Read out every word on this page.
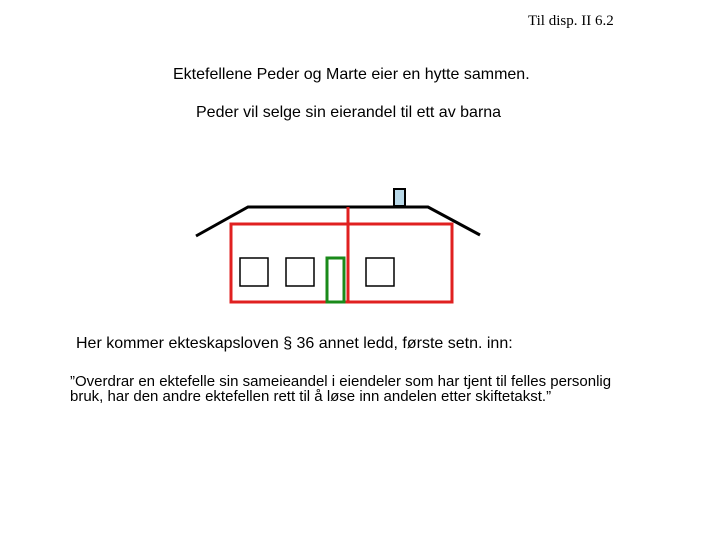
Til disp. II 6.2
Ektefellene Peder og Marte eier en hytte sammen.
Peder vil selge sin eierandel til ett av barna
Her kommer ekteskapsloven § 36 annet ledd, første setn. inn:
”Overdrar en ektefelle sin sameieandel i eiendeler som har tjent til felles personlig bruk, har den andre ektefellen rett til å løse inn andelen etter skiftetakst.”
